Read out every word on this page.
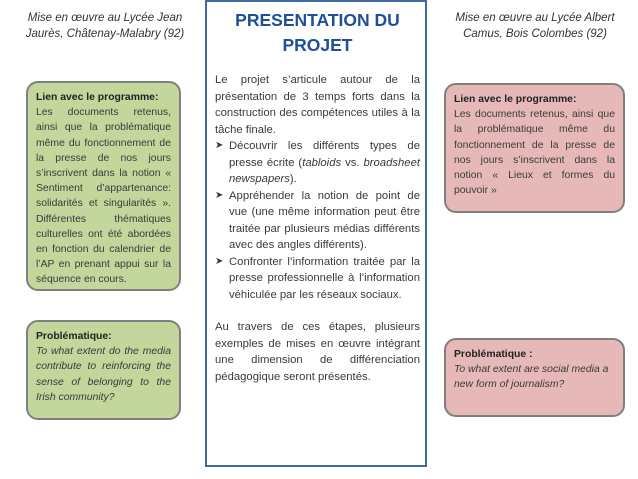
Mise en œuvre au Lycée Jean Jaurès, Châtenay-Malabry (92)
Mise en œuvre au Lycée Albert Camus, Bois Colombes (92)
Lien avec le programme:
Les documents retenus, ainsi que la problématique même du fonctionnement de la presse de nos jours s’inscrivent dans la notion « Sentiment d’appartenance: solidarités et singularités ». Différentes thématiques culturelles ont été abordées en fonction du calendrier de l’AP en prenant appui sur la séquence en cours.
Problématique:
To what extent do the media contribute to reinforcing the sense of belonging to the Irish community?
PRESENTATION DU PROJET
Le projet s’articule autour de la présentation de 3 temps forts dans la construction des compétences utiles à la tâche finale.
➤ Découvrir les différents types de presse écrite (tabloids vs. broadsheet newspapers).
➤ Appréhender la notion de point de vue (une même information peut être traitée par plusieurs médias différents avec des angles différents).
➤ Confronter l’information traitée par la presse professionnelle à l’information véhiculée par les réseaux sociaux.
Au travers de ces étapes, plusieurs exemples de mises en œuvre intégrant une dimension de différenciation pédagogique seront présentés.
Lien avec le programme:
Les documents retenus, ainsi que la problématique même du fonctionnement de la presse de nos jours s’inscrivent dans la notion « Lieux et formes du pouvoir »
Problématique :
To what extent are social media a new form of journalism?
